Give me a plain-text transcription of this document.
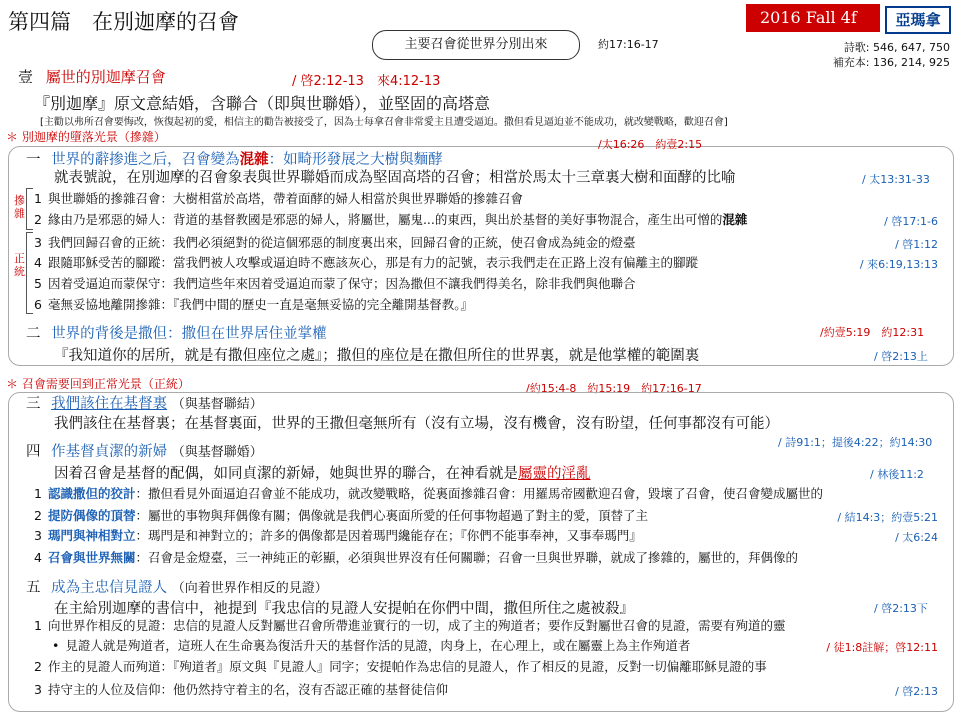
第四篇　在別迦摩的召會
主要召會從世界分別出來	約17:16-17
2016 Fall 4f	亞瑪拿
詩歌: 546, 647, 750
補充本: 136, 214, 925
壹 屬世的別迦摩召會	/ 啓2:12-13　來4:12-13
『別迦摩』原文意結婚，含聯合（即與世聯婚），並堅固的高塔意
[主勸以弗所召會要悔改，恢復起初的愛，相信主的勸告被接受了，因為士每拿召會非常愛主且遭受逼迫。撒但看見逼迫並不能成功，就改變戰略，歡迎召會]
＊ 別迦摩的墮落光景（摻雜）
/太16:26　約壹2:15
一 世界的辭掺進之后，召會變為混雜：如畸形發展之大樹與麵酵
就表號說，在別迦摩的召會象表與世界聯婚而成為堅固高塔的召會；相當於馬太十三章裏大樹和面酵的比喻	/ 太13:31-33
摻雜
正統
1 與世聯婚的摻雜召會：大樹相當於高塔，帶着面酵的婦人相當於與世界聯婚的摻雜召會
2 緣由乃是邪惡的婦人：背道的基督教國是邪惡的婦人，將屬世，屬鬼...的東西，與出於基督的美好事物混合，產生出可憎的混雜	/ 啓17:1-6
3 我們回歸召會的正統：我們必須絕對的從這個邪惡的制度裏出來，回歸召會的正統，使召會成為純金的燈臺	/ 啓1:12
4 跟隨耶穌受苦的腳蹤：當我們被人攻擊或逼迫時不應該灰心，那是有力的記號，表示我們走在正路上沒有偏離主的腳蹤	/ 來6:19,13:13
5 因着受逼迫而蒙保守：我們這些年來因着受逼迫而蒙了保守；因為撒但不讓我們得美名，除非我們與他聯合
6 毫無妥協地離開摻雜：『我們中間的歷史一直是毫無妥協的完全離開基督教。』
二 世界的背後是撒但：撒但在世界居住並掌權	/約壹5:19　約12:31
『我知道你的居所，就是有撒但座位之處』；撒但的座位是在撒但所住的世界裏，就是他掌權的範圍裏	/ 啓2:13上
＊ 召會需要回到正常光景（正統）	/約15:4-8　約15:19　約17:16-17
三 我們該住在基督裏 （與基督聯結）
我們該住在基督裏；在基督裏面，世界的王撒但毫無所有（沒有立場，沒有機會，沒有盼望，任何事都沒有可能）
/ 詩91:1；提後4:22；約14:30
四 作基督貞潔的新婦 （與基督聯婚）
因着召會是基督的配偶，如同貞潔的新婦，她與世界的聯合，在神看就是屬靈的淫亂	/ 林後11:2
1 認識撒但的狡計：撒但看見外面逼迫召會並不能成功，就改變戰略，從裏面摻雜召會：用羅馬帝國歡迎召會，毀壞了召會，使召會變成屬世的
2 提防偶像的頂替：屬世的事物與拜偶像有關；偶像就是我們心裏面所愛的任何事物超過了對主的愛，頂替了主	/ 結14:3；約壹5:21
3 瑪門與神相對立：瑪門是和神對立的；許多的偶像都是因着瑪門纔能存在；『你們不能事奉神，又事奉瑪門』	/ 太6:24
4 召會與世界無關：召會是金燈臺，三一神純正的彰顯，必須與世界沒有任何關聯；召會一旦與世界聯，就成了摻雜的，屬世的，拜偶像的
五 成為主忠信見證人 （向着世界作相反的見證）
在主給別迦摩的書信中，祂提到『我忠信的見證人安提帕在你們中間，撒但所住之處被殺』	/ 啓2:13下
1 向世界作相反的見證：忠信的見證人反對屬世召會所帶進並實行的一切，成了主的殉道者；要作反對屬世召會的見證，需要有殉道的靈
• 見證人就是殉道者，這班人在生命裏為復活升天的基督作活的見證，肉身上，在心理上，或在屬靈上為主作殉道者	/ 徒1:8註解；啓12:11
2 作主的見證人而殉道：『殉道者』原文與『見證人』同字；安提帕作為忠信的見證人，作了相反的見證，反對一切偏離耶穌見證的事
3 持守主的人位及信仰：他仍然持守着主的名，沒有否認正確的基督徒信仰	/ 啓2:13
